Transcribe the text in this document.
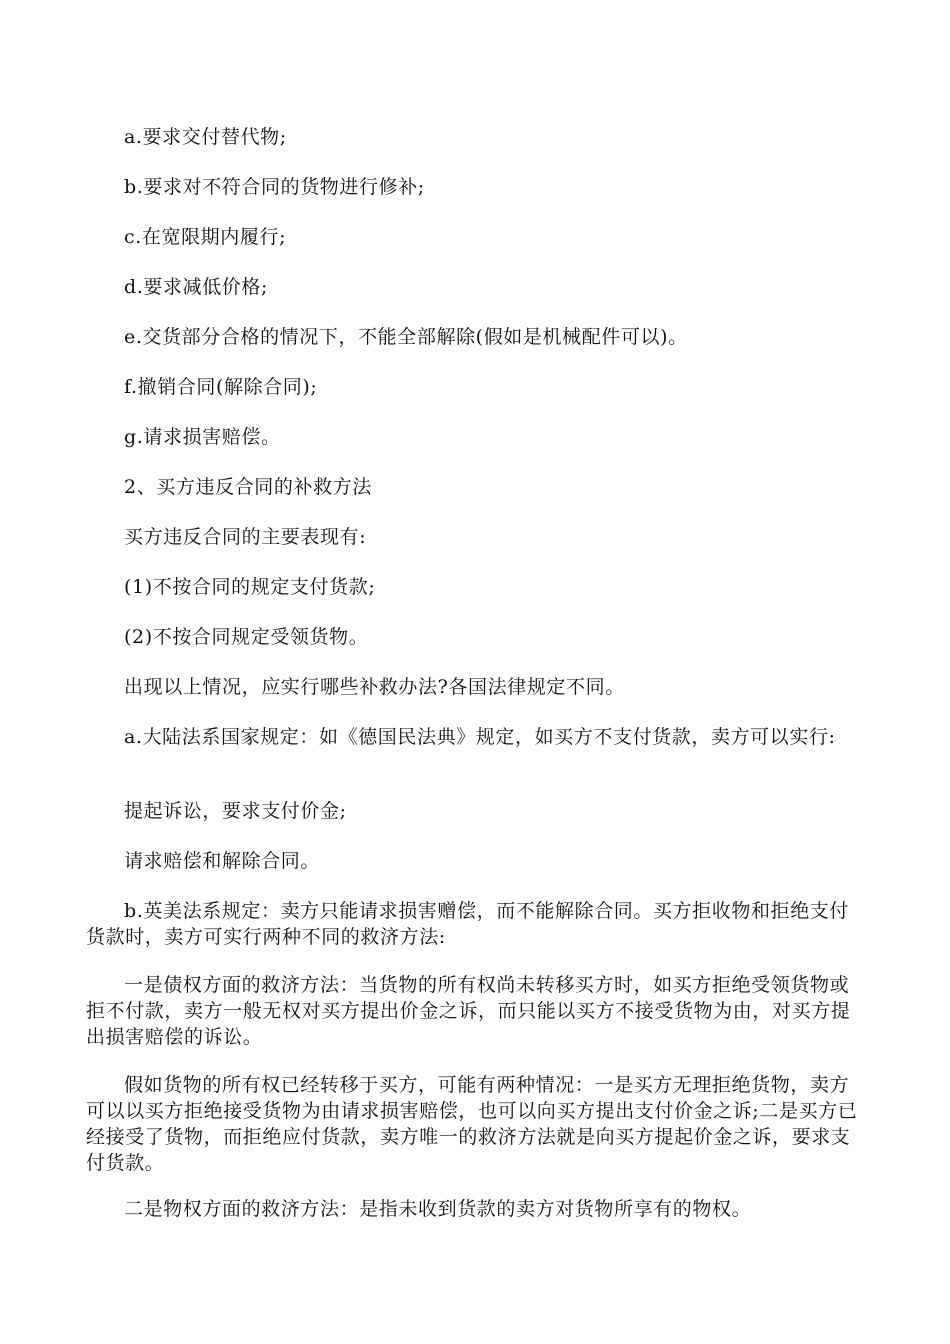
a.要求交付替代物;

b.要求对不符合同的货物进行修补;

c.在宽限期内履行;

d.要求减低价格;

e.交货部分合格的情况下，不能全部解除(假如是机械配件可以)。

f.撤销合同(解除合同);

g.请求损害赔偿。

2、买方违反合同的补救方法

买方违反合同的主要表现有:

(1)不按合同的规定支付货款;

(2)不按合同规定受领货物。

出现以上情况，应实行哪些补救办法?各国法律规定不同。

a.大陆法系国家规定：如《德国民法典》规定，如买方不支付货款，卖方可以实行:

提起诉讼，要求支付价金;

请求赔偿和解除合同。

b.英美法系规定：卖方只能请求损害赠偿，而不能解除合同。买方拒收物和拒绝支付货款时，卖方可实行两种不同的救济方法:

一是债权方面的救济方法：当货物的所有权尚未转移买方时，如买方拒绝受领货物或拒不付款，卖方一般无权对买方提出价金之诉，而只能以买方不接受货物为由，对买方提出损害赔偿的诉讼。

假如货物的所有权已经转移于买方，可能有两种情况：一是买方无理拒绝货物，卖方可以以买方拒绝接受货物为由请求损害赔偿，也可以向买方提出支付价金之诉;二是买方已经接受了货物，而拒绝应付货款，卖方唯一的救济方法就是向买方提起价金之诉，要求支付货款。

二是物权方面的救济方法：是指未收到货款的卖方对货物所享有的物权。
